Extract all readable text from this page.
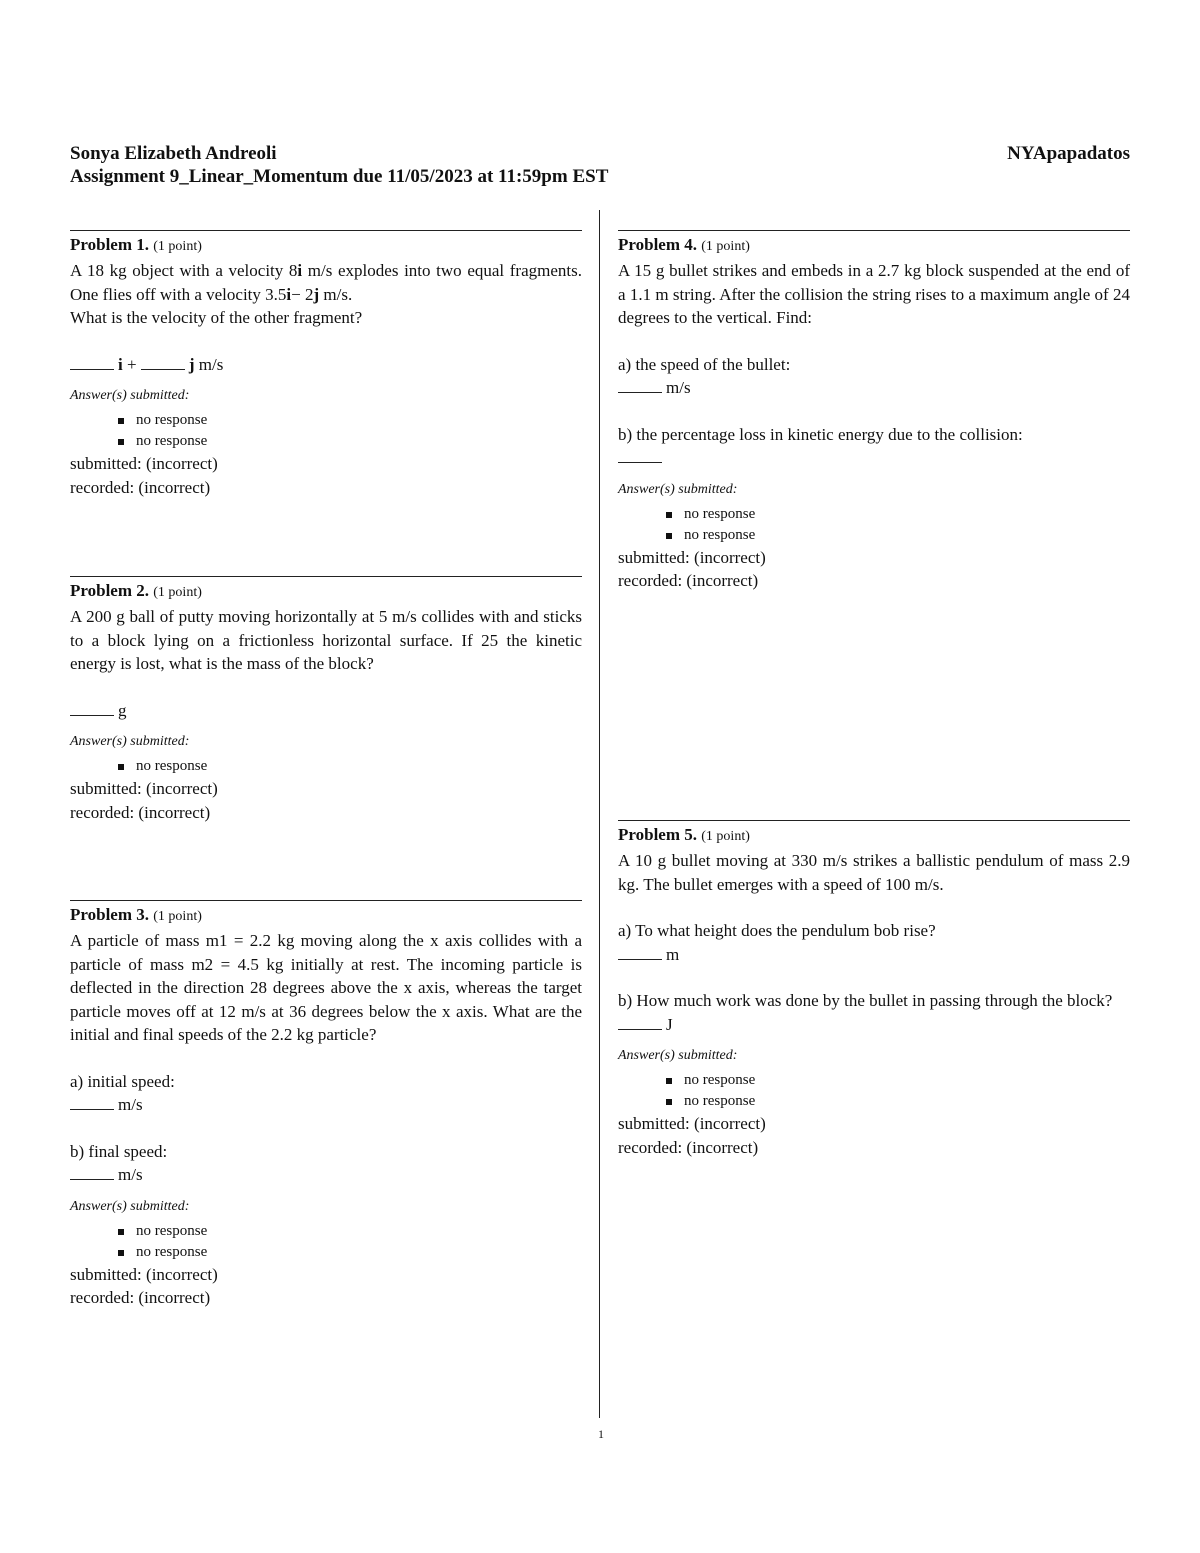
Sonya Elizabeth Andreoli	NYApapadatos
Assignment 9_Linear_Momentum due 11/05/2023 at 11:59pm EST
Problem 1. (1 point)
A 18 kg object with a velocity 8i m/s explodes into two equal fragments. One flies off with a velocity 3.5i− 2j m/s.
What is the velocity of the other fragment?
i +	j m/s
Answer(s) submitted:
no response
no response
submitted: (incorrect)
recorded: (incorrect)
Problem 2. (1 point)
A 200 g ball of putty moving horizontally at 5 m/s collides with and sticks to a block lying on a frictionless horizontal surface. If 25 the kinetic energy is lost, what is the mass of the block?
g
Answer(s) submitted:
no response
submitted: (incorrect)
recorded: (incorrect)
Problem 3. (1 point)
A particle of mass m1 = 2.2 kg moving along the x axis collides with a particle of mass m2 = 4.5 kg initially at rest. The incoming particle is deflected in the direction 28 degrees above the x axis, whereas the target particle moves off at 12 m/s at 36 degrees below the x axis. What are the initial and final speeds of the 2.2 kg particle?
a) initial speed:
m/s
b) final speed:
m/s
Answer(s) submitted:
no response
no response
submitted: (incorrect)
recorded: (incorrect)
Problem 4. (1 point)
A 15 g bullet strikes and embeds in a 2.7 kg block suspended at the end of a 1.1 m string. After the collision the string rises to a maximum angle of 24 degrees to the vertical. Find:
a) the speed of the bullet:
m/s
b) the percentage loss in kinetic energy due to the collision:
Answer(s) submitted:
no response
no response
submitted: (incorrect)
recorded: (incorrect)
Problem 5. (1 point)
A 10 g bullet moving at 330 m/s strikes a ballistic pendulum of mass 2.9 kg. The bullet emerges with a speed of 100 m/s.
a) To what height does the pendulum bob rise?
m
b) How much work was done by the bullet in passing through the block?
J
Answer(s) submitted:
no response
no response
submitted: (incorrect)
recorded: (incorrect)
1
